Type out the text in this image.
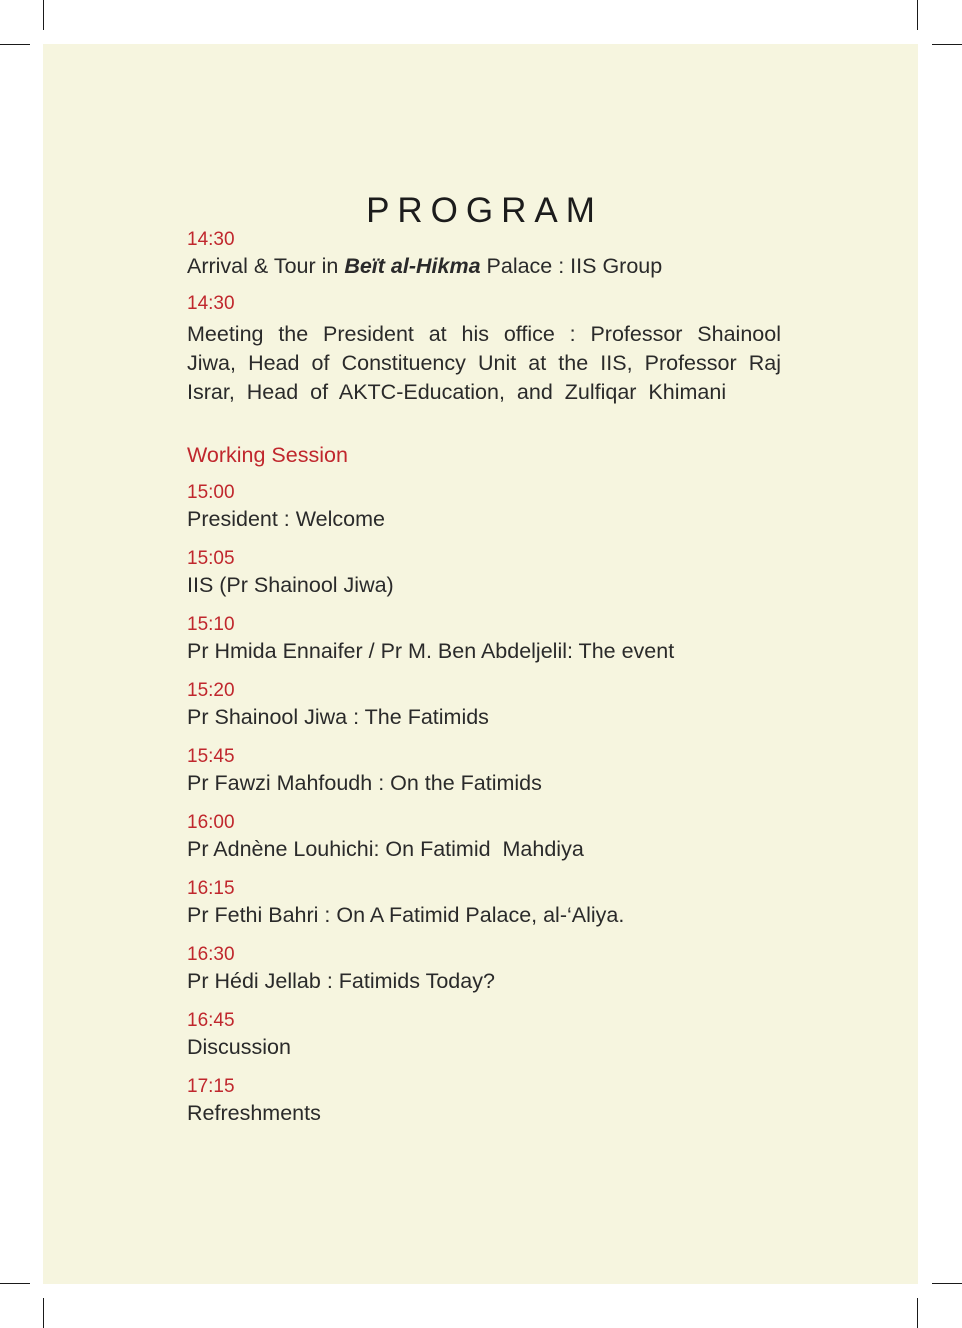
PROGRAM
14:30
Arrival & Tour in Beït al-Hikma Palace : IIS Group
14:30
Meeting the President at his office : Professor Shainool
Jiwa, Head of Constituency Unit at the IIS, Professor Raj
Israr, Head of AKTC-Education, and Zulfiqar Khimani
Working Session
15:00
President : Welcome
15:05
IIS (Pr Shainool Jiwa)
15:10
Pr Hmida Ennaifer / Pr M. Ben Abdeljelil: The event
15:20
Pr Shainool Jiwa : The Fatimids
15:45
Pr Fawzi Mahfoudh : On the Fatimids
16:00
Pr Adnène Louhichi: On Fatimid  Mahdiya
16:15
Pr Fethi Bahri : On A Fatimid Palace, al-‘Aliya.
16:30
Pr Hédi Jellab : Fatimids Today?
16:45
Discussion
17:15
Refreshments
